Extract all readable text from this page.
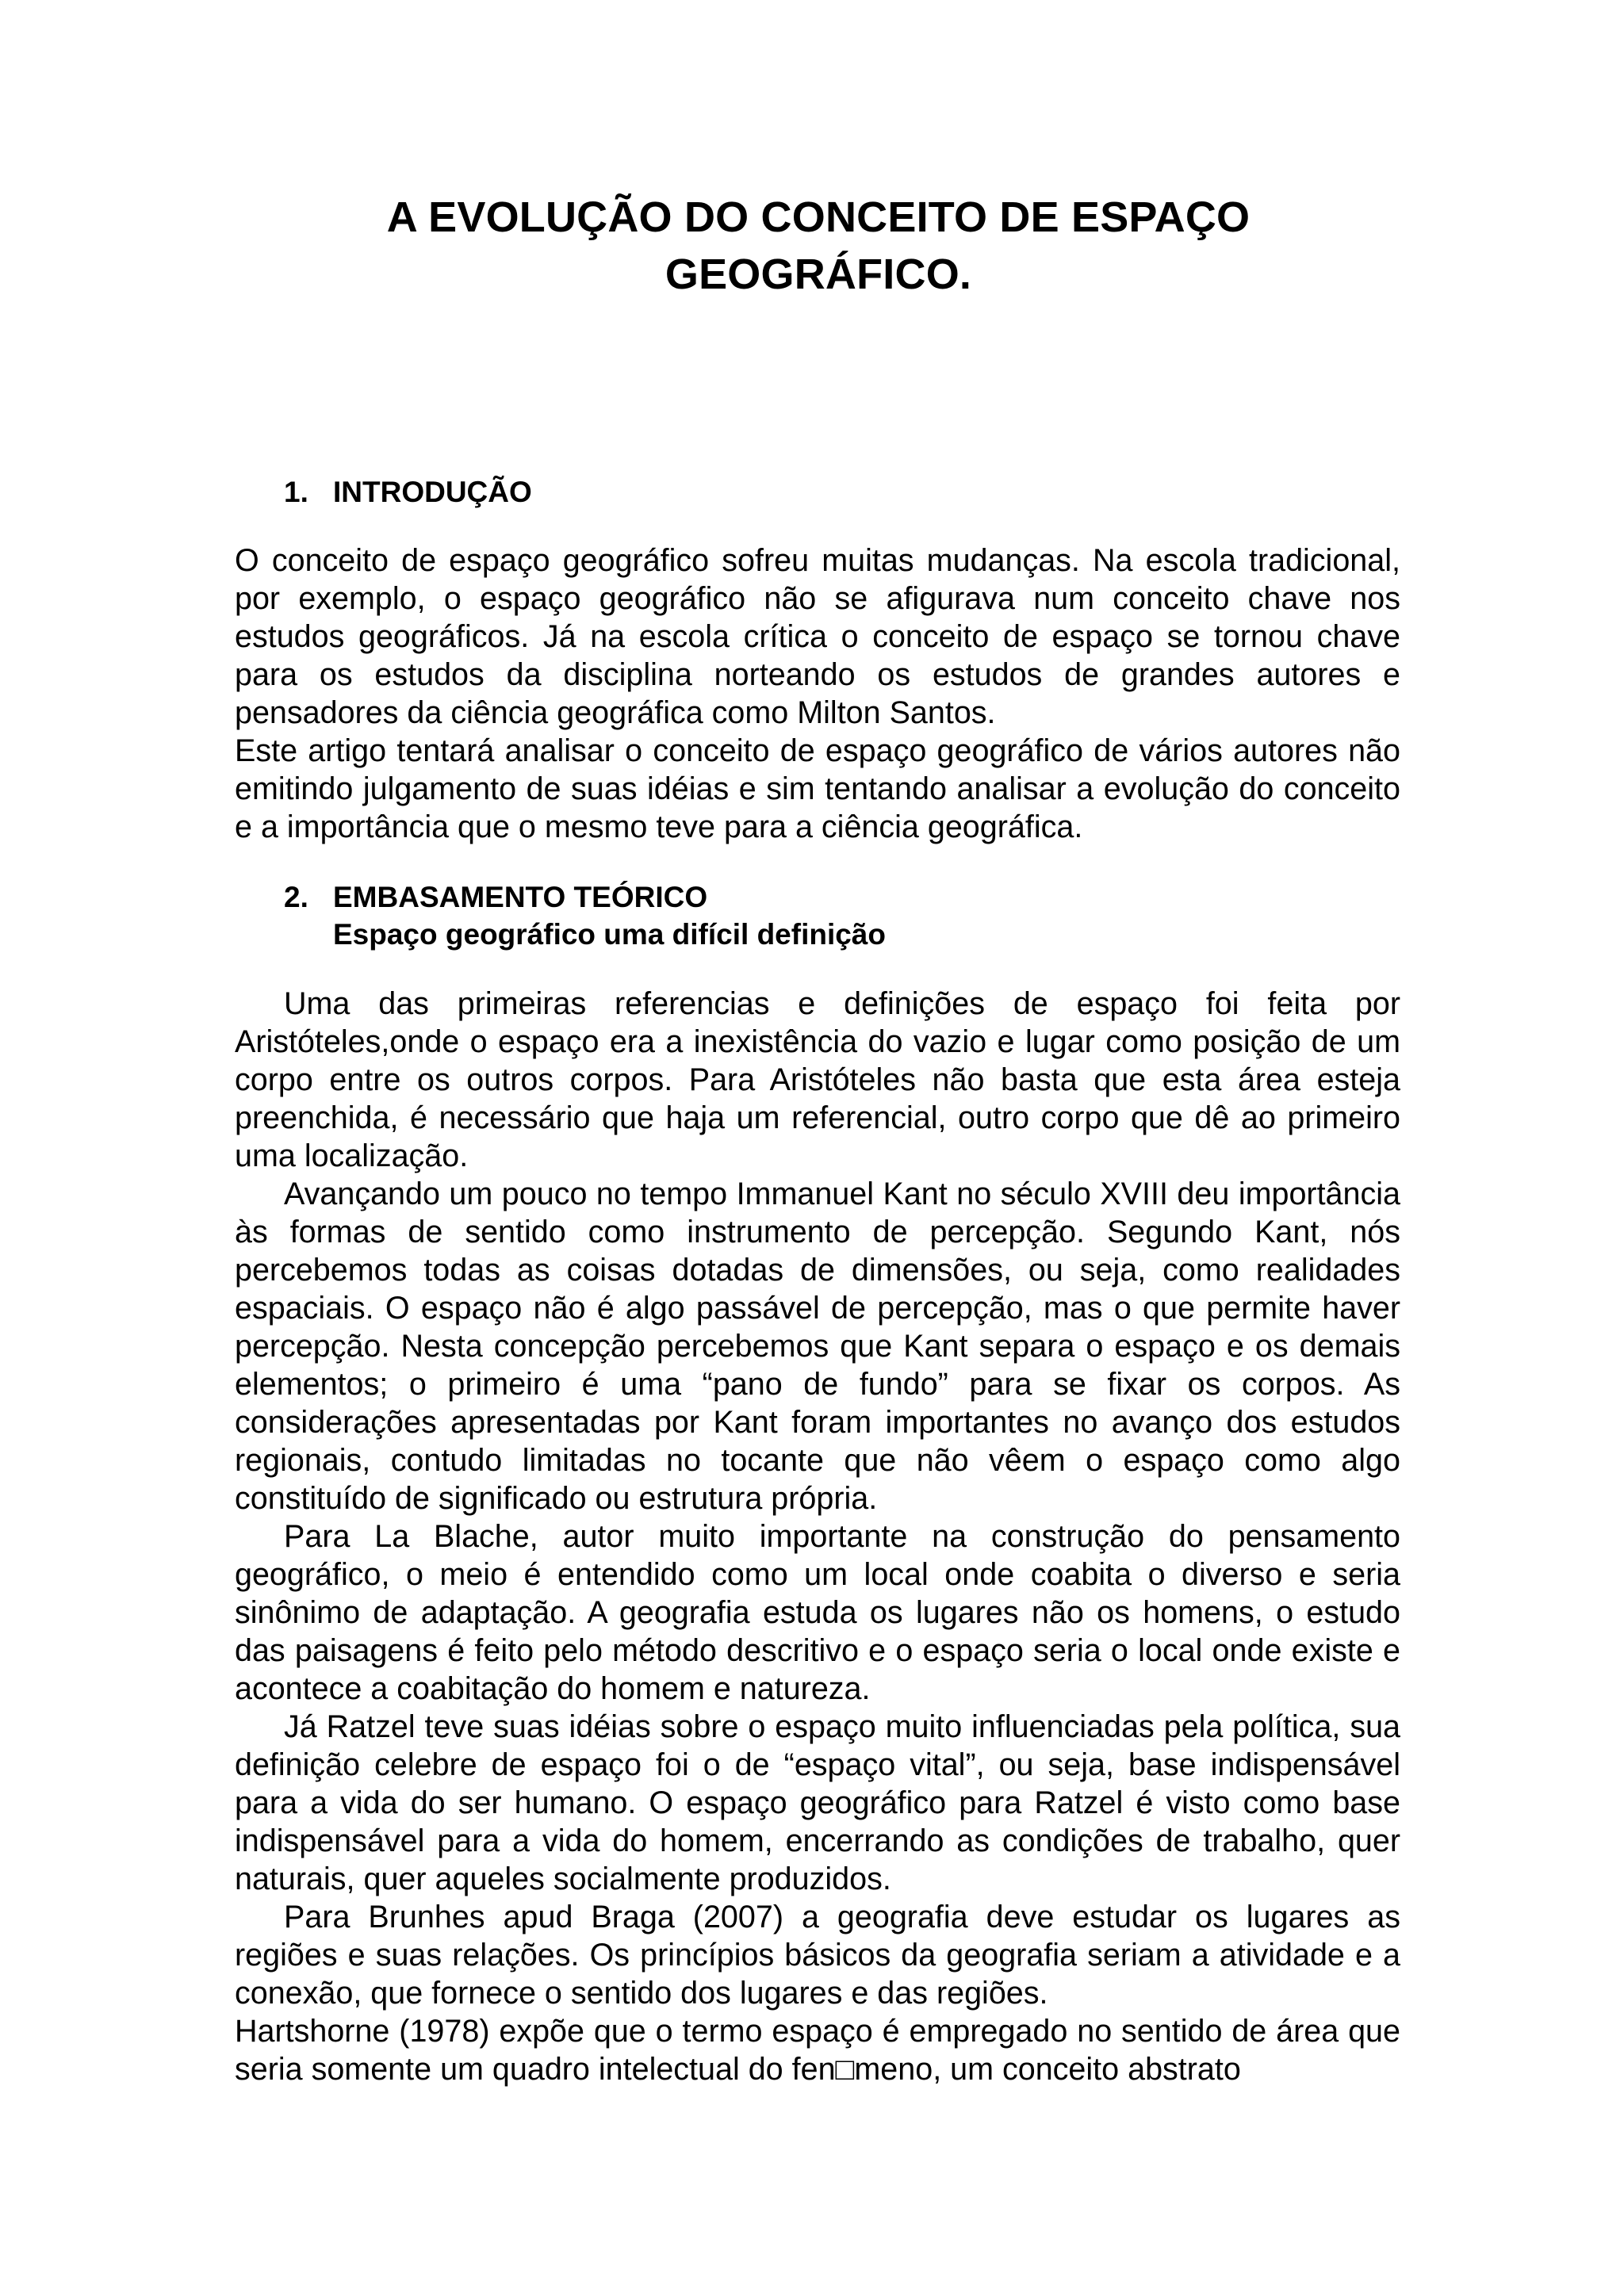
A EVOLUÇÃO DO CONCEITO DE ESPAÇO
GEOGRÁFICO.
1. INTRODUÇÃO

O conceito de espaço geográfico sofreu muitas mudanças. Na escola tradicional, por exemplo, o espaço geográfico não se afigurava num conceito chave nos estudos geográficos. Já na escola crítica o conceito de espaço se tornou chave para os estudos da disciplina norteando os estudos de grandes autores e pensadores da ciência geográfica como Milton Santos.

Este artigo tentará analisar o conceito de espaço geográfico de vários autores não emitindo julgamento de suas idéias e sim tentando analisar a evolução do conceito e a importância que o mesmo teve para a ciência geográfica.

2. EMBASAMENTO TEÓRICO
Espaço geográfico uma difícil definição

Uma das primeiras referencias e definições de espaço foi feita por Aristóteles,onde o espaço era a inexistência do vazio e lugar como posição de um corpo entre os outros corpos. Para Aristóteles não basta que esta área esteja preenchida, é necessário que haja um referencial, outro corpo que dê ao primeiro uma localização.

Avançando um pouco no tempo Immanuel Kant no século XVIII deu importância às formas de sentido como instrumento de percepção. Segundo Kant, nós percebemos todas as coisas dotadas de dimensões, ou seja, como realidades espaciais. O espaço não é algo passável de percepção, mas o que permite haver percepção. Nesta concepção percebemos que Kant separa o espaço e os demais elementos; o primeiro é uma “pano de fundo” para se fixar os corpos. As considerações apresentadas por Kant foram importantes no avanço dos estudos regionais, contudo limitadas no tocante que não vêem o espaço como algo constituído de significado ou estrutura própria.

Para La Blache, autor muito importante na construção do pensamento geográfico, o meio é entendido como um local onde coabita o diverso e seria sinônimo de adaptação. A geografia estuda os lugares não os homens, o estudo das paisagens é feito pelo método descritivo e o espaço seria o local onde existe e acontece a coabitação do homem e natureza.

Já Ratzel teve suas idéias sobre o espaço muito influenciadas pela política, sua definição celebre de espaço foi o de “espaço vital”, ou seja, base indispensável para a vida do ser humano. O espaço geográfico para Ratzel é visto como base indispensável para a vida do homem, encerrando as condições de trabalho, quer naturais, quer aqueles socialmente produzidos.

Para Brunhes apud Braga (2007) a geografia deve estudar os lugares as regiões e suas relações. Os princípios básicos da geografia seriam a atividade e a conexão, que fornece o sentido dos lugares e das regiões.

Hartshorne (1978) expõe que o termo espaço é empregado no sentido de área que seria somente um quadro intelectual do fen□meno, um conceito abstrato
